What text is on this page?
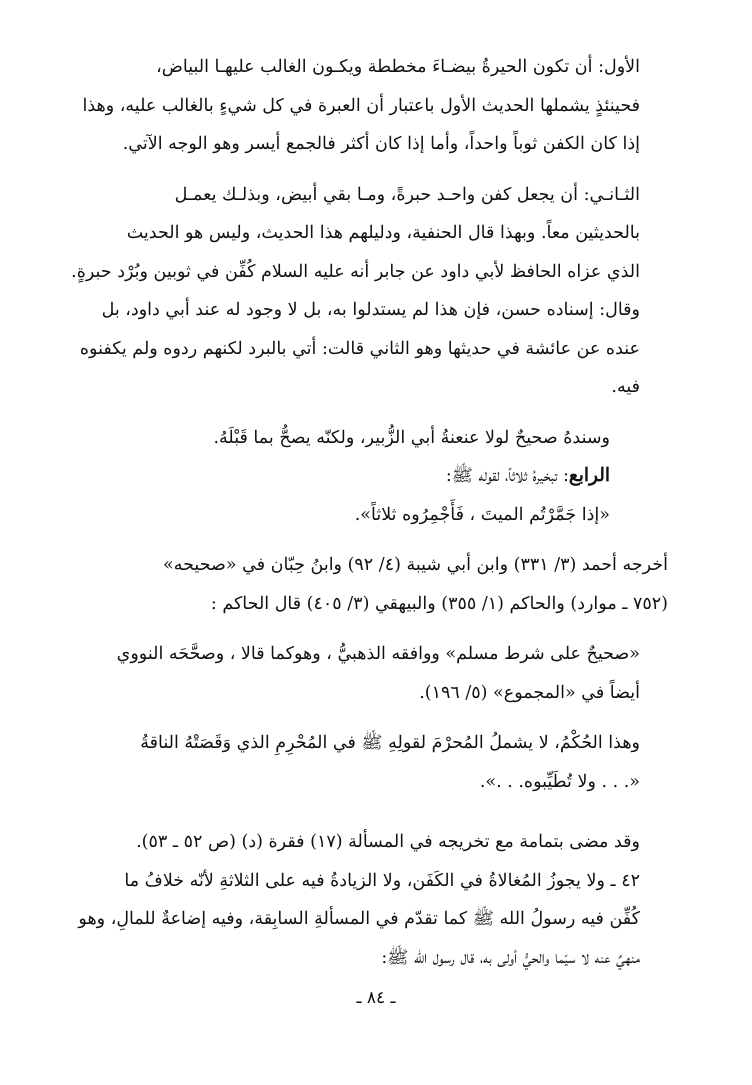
الأول: أن تكون الحيرةُ بيضـاءَ مخططة ويكـون الغالب عليهـا البياض،
فحينئذٍ يشملها الحديث الأول باعتبار أن العبرة في كل شيءٍ بالغالب عليه، وهذا
إذا كان الكفن ثوباً واحداً، وأما إذا كان أكثر فالجمع أيسر وهو الوجه الآتي.
الثـانـي: أن يجعل كفن واحـد حبرةً، ومـا بقي أبيض، وبذلـك يعمـل
بالحديثين معاً. وبهذا قال الحنفية، ودليلهم هذا الحديث، وليس هو الحديث
الذي عزاه الحافظ لأبي داود عن جابر أنه عليه السلام كُفِّن في ثوبين وبُرْد حبرةٍ.
وقال: إسناده حسن، فإن هذا لم يستدلوا به، بل لا وجود له عند أبي داود، بل
عنده عن عائشة في حديثها وهو الثاني قالت: أتي بالبرد لكنهم ردوه ولم يكفنوه
فيه.
وسندهُ صحيحٌ لولا عنعنةُ أبي الزُّبير، ولكنّه يصحُّ بما قَبْلَهُ.
الرابع: تبخيرهُ ثلاثاً، لقوله ﷺ:
«إذا جَمَّرْتُم الميتَ ، فَأَجْمِرُوه ثلاثاً».
أخرجه أحمد (٣/ ٣٣١) وابن أبي شيبة (٤/ ٩٢) وابنُ حِبّان في «صحيحه»
(٧٥٢ ـ موارد) والحاكم (١/ ٣٥٥) والبيهقي (٣/ ٤٠٥) قال الحاكم :
«صحيحٌ على شرط مسلم» ووافقه الذهبيُّ ، وهوكما قالا ، وصحَّحَه النووي
أيضاً في «المجموع» (٥/ ١٩٦).
وهذا الحُكْمُ، لا يشملُ المُحرْمَ لقولِهِ ﷺ في المُحْرِمِ الذي وَقَصَتْهُ الناقةُ
«. . . ولا تُطَيِّبوه. . .».
وقد مضى بتمامة مع تخريجه في المسألة (١٧) فقرة (د) (ص ٥٢ ـ ٥٣).
٤٢ ـ ولا يجوزُ المُغالاةُ في الكَفَن، ولا الزيادةُ فيه على الثلاثةِ لأنّه خلافُ ما
كُفِّن فيه رسولُ الله ﷺ كما تقدّم في المسألةِ السابِقة، وفيه إضاعةٌ للمالِ، وهو
منهيٌ عنه لا سيّما والحيُّ أولى به، قال رسول الله ﷺ:
ـ ٨٤ ـ
